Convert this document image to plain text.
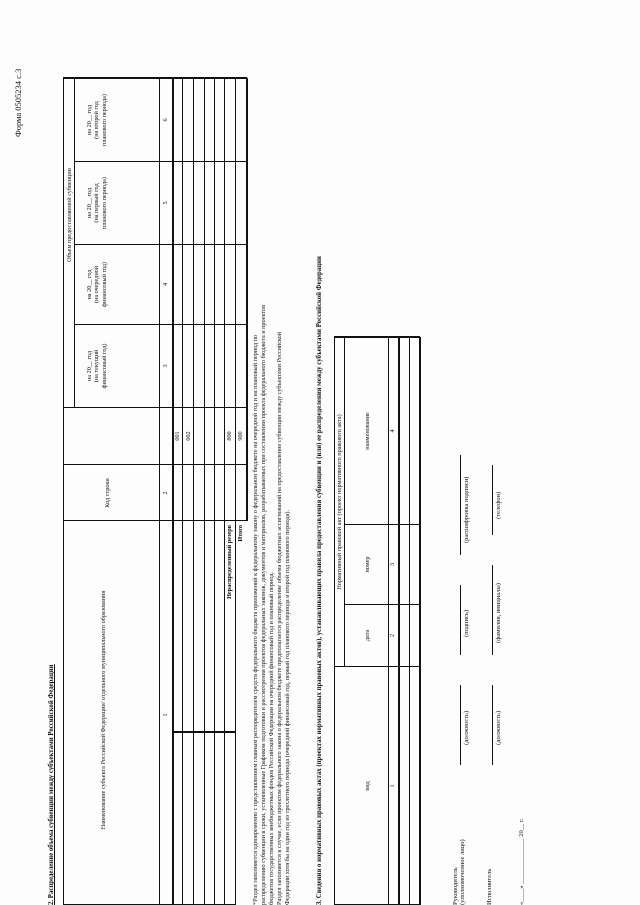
Форма 0505234 с.3
2. Распределение объема субвенции между субъектами Российской Федерации	Наименование субъекта Российской Федерации/ отдельного муниципального образования
Код строки
Объем предоставляемой субвенции
на 20__ год (на текущий финансовый год)
на 20__ год (на очередной финансовый год)
на 20__ год (на первый год планового периода)
на 20__ год (на второй год планового периода)
1
2
3
4
5
6
001 002
Нераспределенный резерв
800
Итого
900 *Раздел заполняется одновременно с представлением главным распорядителем средств федерального бюджета приложений к федеральному закону о федеральном бюджете на очередной год и на плановый период по распределению субвенции в сроки, установленные Графиком подготовки и рассмотрения проектов федеральных законов, документов и материалов, разрабатываемых при составлении проекта федерального бюджета и проектов бюджетов государственных внебюджетных фондов Российской Федерации на очередной финансовый год и плановый период. Раздел заполняется в случае, если проектом федерального закона о федеральном бюджете предполагается распределение объема бюджетных ассигнований на предоставление субвенции между субъектами Российской Федерации хотя бы на один год из трехлетнего периода (очередной финансовый год, первый год планового периода и второй год планового периода).	3. Сведения о нормативных правовых актах (проектах нормативных правовых актов), устанавливающих правила предоставления субвенции и (или) ее распределения между субъектами Российской Федерации Нормативный правовой акт (проект нормативного правового акта)
вид
дата
номер
наименование
1
2
3
4
Руководитель (уполномоченное лицо)
(должность)
(подпись)
(расшифровка подписи)
Исполнитель
(должность)
(фамилия, инициалы)
(телефон)
«____» ______________ 20__ г.
